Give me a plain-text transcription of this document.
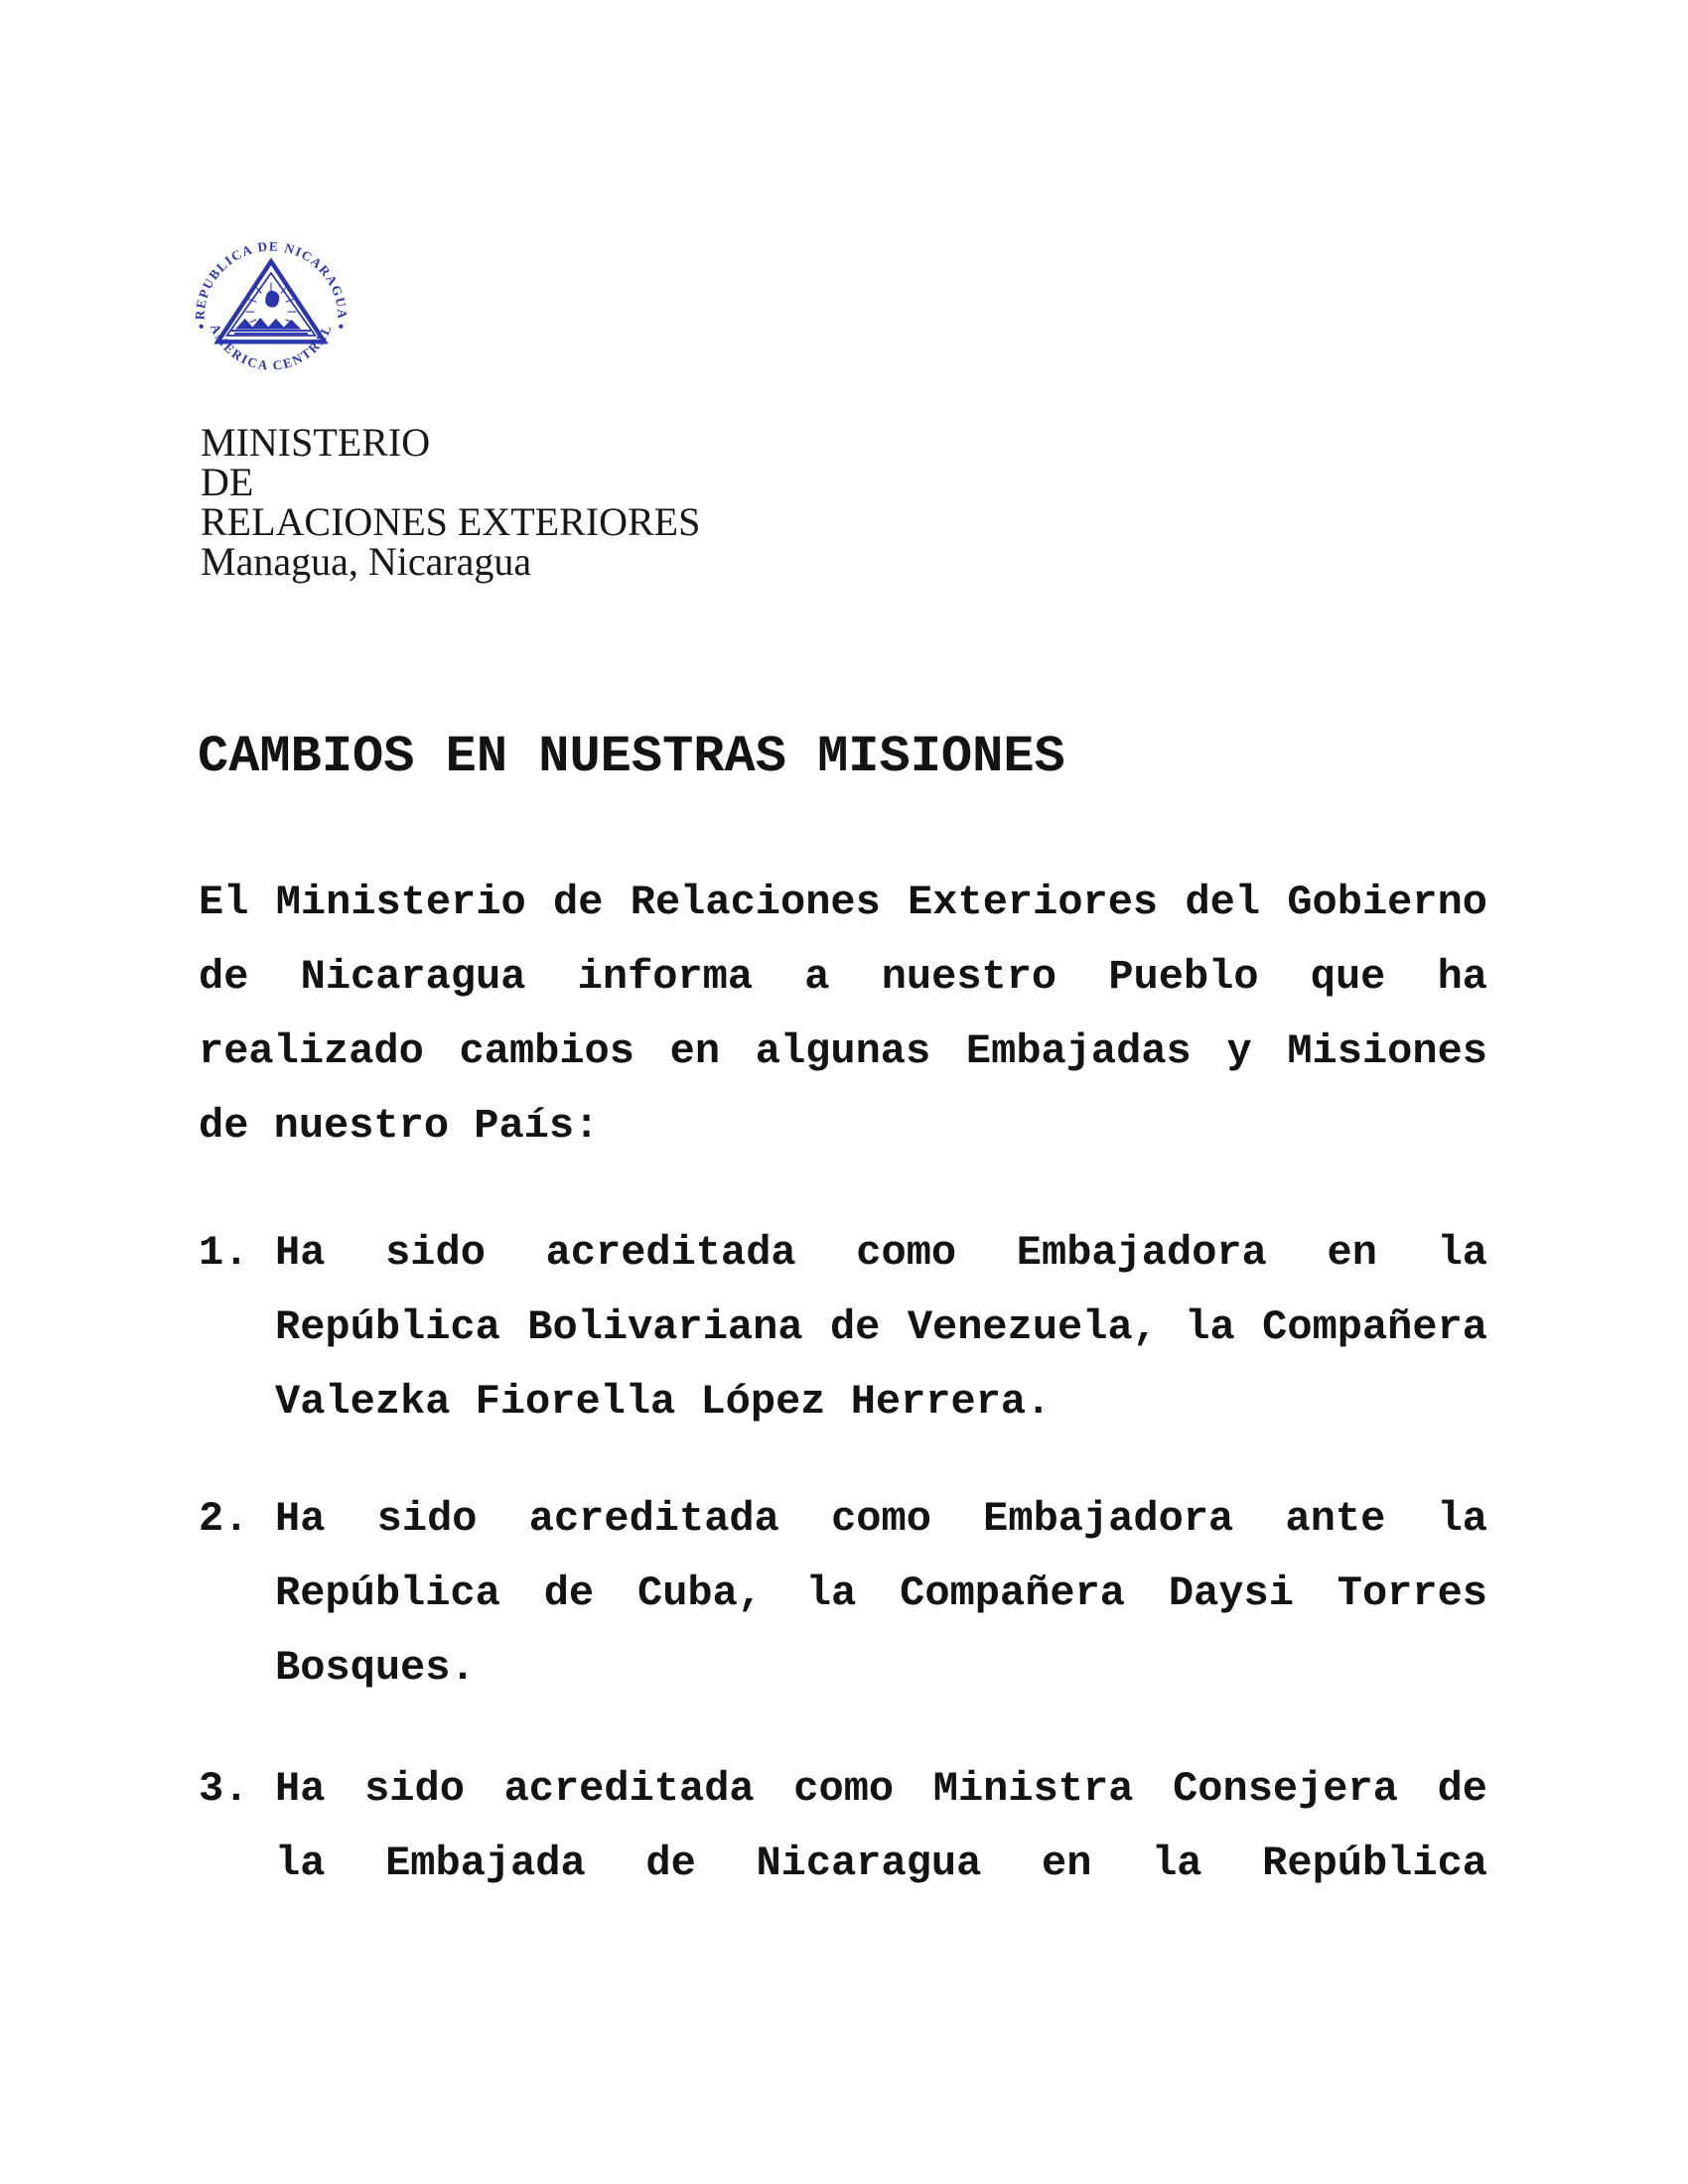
REPUBLICA DE NICARAGUA
AMERICA CENTRAL
MINISTERIO
DE
RELACIONES EXTERIORES
Managua, Nicaragua
CAMBIOS EN NUESTRAS MISIONES
El Ministerio de Relaciones Exteriores del Gobierno
de Nicaragua informa a nuestro Pueblo que ha
realizado cambios en algunas Embajadas y Misiones
de nuestro País:
1. Ha sido acreditada como Embajadora en la
República Bolivariana de Venezuela, la Compañera
Valezka Fiorella López Herrera.
2. Ha sido acreditada como Embajadora ante la
República de Cuba, la Compañera Daysi Torres
Bosques.
3. Ha sido acreditada como Ministra Consejera de
la Embajada de Nicaragua en la República
